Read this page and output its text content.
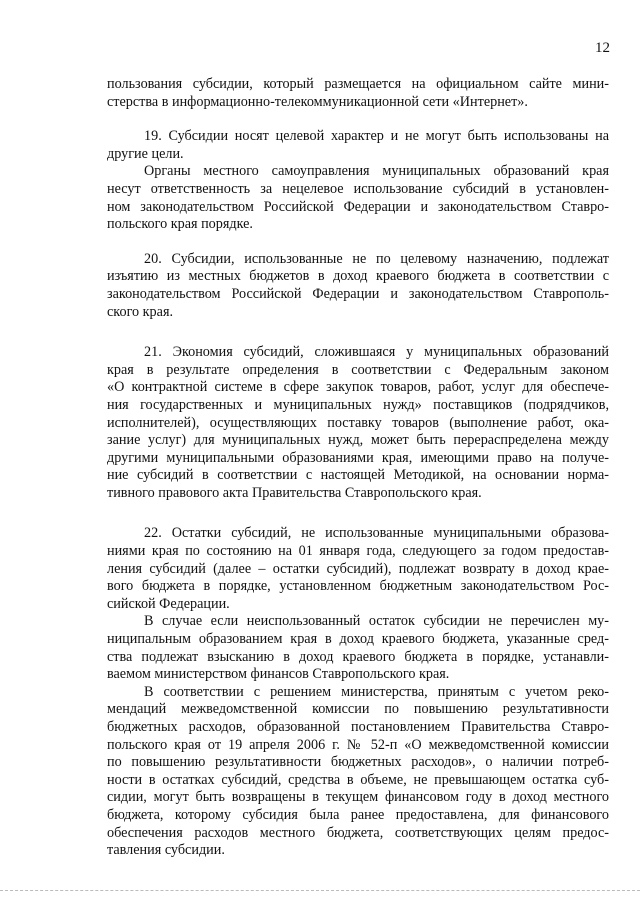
12
пользования субсидии, который размещается на официальном сайте мини-
стерства в информационно-телекоммуникационной сети «Интернет».
19. Субсидии носят целевой характер и не могут быть использованы на
другие цели.
Органы местного самоуправления муниципальных образований края
несут ответственность за нецелевое использование субсидий в установлен-
ном законодательством Российской Федерации и законодательством Ставро-
польского края порядке.
20. Субсидии, использованные не по целевому назначению, подлежат
изъятию из местных бюджетов в доход краевого бюджета в соответствии с
законодательством Российской Федерации и законодательством Ставрополь-
ского края.
21. Экономия субсидий, сложившаяся у муниципальных образований
края в результате определения в соответствии с Федеральным законом
«О контрактной системе в сфере закупок товаров, работ, услуг для обеспече-
ния государственных и муниципальных нужд» поставщиков (подрядчиков,
исполнителей), осуществляющих поставку товаров (выполнение работ, ока-
зание услуг) для муниципальных нужд, может быть перераспределена между
другими муниципальными образованиями края, имеющими право на получе-
ние субсидий в соответствии с настоящей Методикой, на основании норма-
тивного правового акта Правительства Ставропольского края.
22. Остатки субсидий, не использованные муниципальными образова-
ниями края по состоянию на 01 января года, следующего за годом предостав-
ления субсидий (далее – остатки субсидий), подлежат возврату в доход крае-
вого бюджета в порядке, установленном бюджетным законодательством Рос-
сийской Федерации.
В случае если неиспользованный остаток субсидии не перечислен му-
ниципальным образованием края в доход краевого бюджета, указанные сред-
ства подлежат взысканию в доход краевого бюджета в порядке, устанавли-
ваемом министерством финансов Ставропольского края.
В соответствии с решением министерства, принятым с учетом реко-
мендаций межведомственной комиссии по повышению результативности
бюджетных расходов, образованной постановлением Правительства Ставро-
польского края от 19 апреля 2006 г. № 52-п «О межведомственной комиссии
по повышению результативности бюджетных расходов», о наличии потреб-
ности в остатках субсидий, средства в объеме, не превышающем остатка суб-
сидии, могут быть возвращены в текущем финансовом году в доход местного
бюджета, которому субсидия была ранее предоставлена, для финансового
обеспечения расходов местного бюджета, соответствующих целям предос-
тавления субсидии.
